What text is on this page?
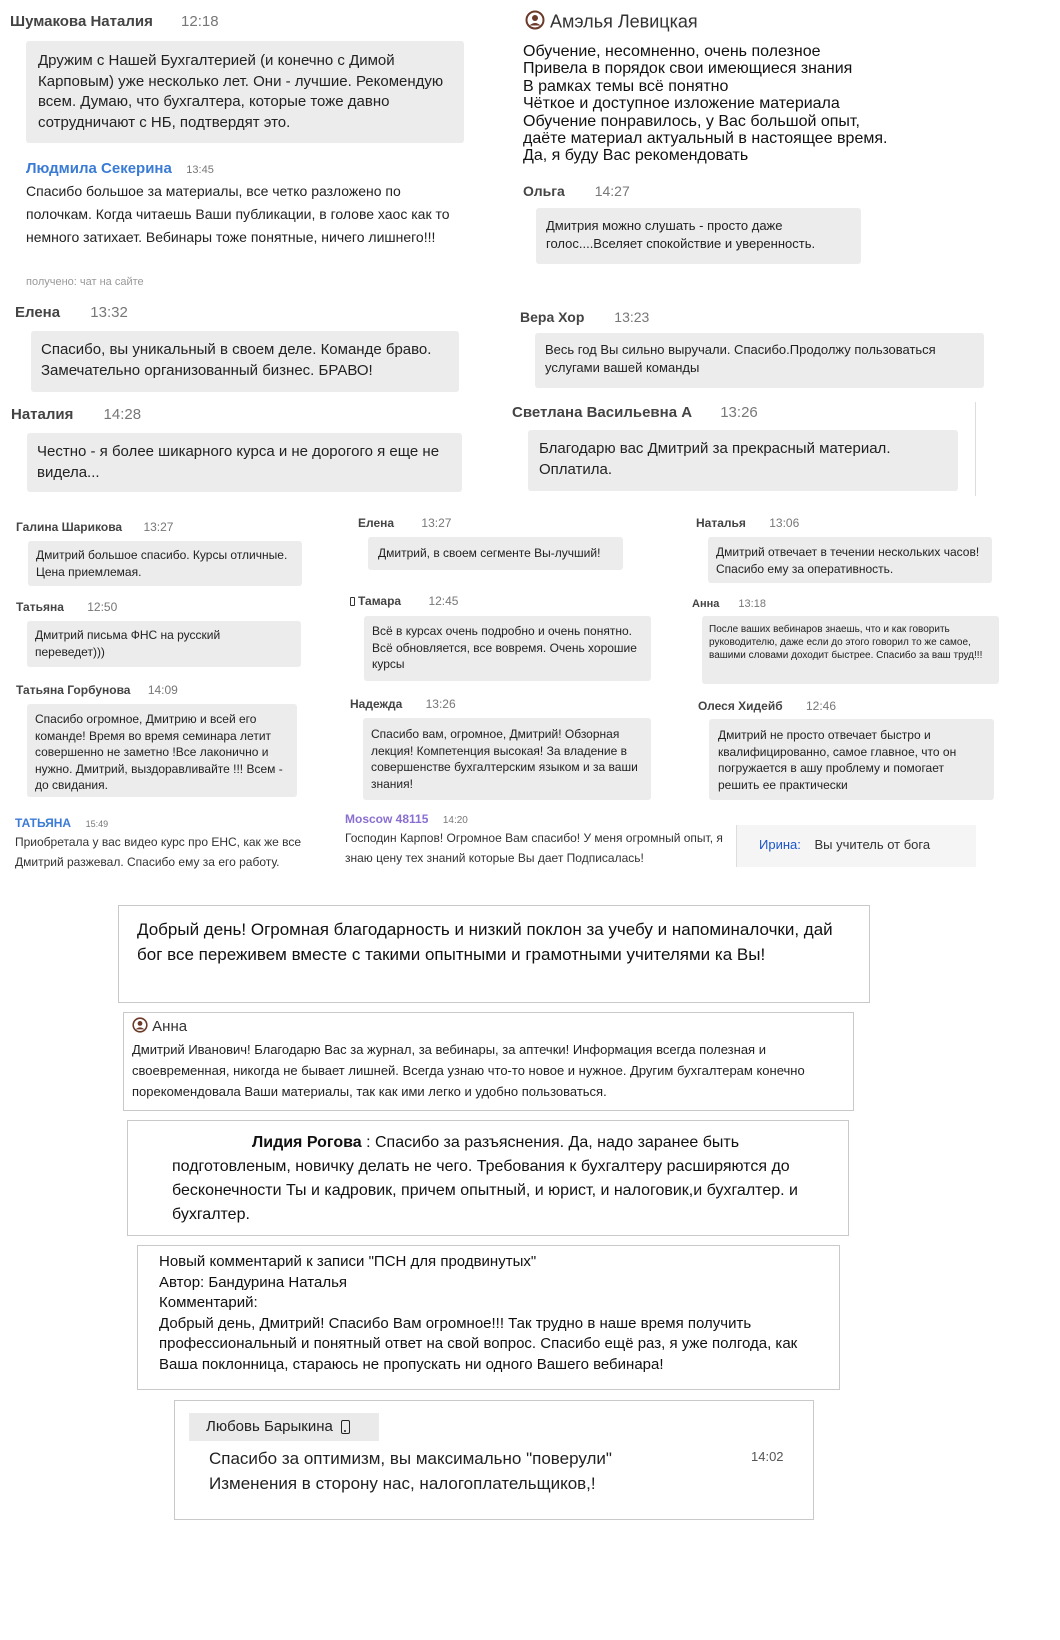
Шумакова Наталия 12:18
Дружим с Нашей Бухгалтерией (и конечно с Димой Карповым) уже несколько лет. Они - лучшие. Рекомендую всем. Думаю, что бухгалтера, которые тоже давно сотрудничают с НБ, подтвердят это.
Амэлья Левицкая
Обучение, несомненно, очень полезное
Привела в порядок свои имеющиеся знания
В рамках темы всё понятно
Чёткое и доступное изложение материала
Обучение понравилось, у Вас большой опыт,
даёте материал актуальный в настоящее время.
Да, я буду Вас рекомендовать
Людмила Секерина 13:45
Спасибо большое за материалы, все четко разложено по полочкам. Когда читаешь Ваши публикации, в голове хаос как то немного затихает. Вебинары тоже понятные, ничего лишнего!!!
получено: чат на сайте
Ольга 14:27
Дмитрия можно слушать - просто даже голос....Вселяет спокойствие и уверенность.
Елена 13:32
Спасибо, вы уникальный в своем деле. Команде браво. Замечательно организованный бизнес. БРАВО!
Вера Хор 13:23
Весь год Вы сильно выручали. Спасибо.Продолжу пользоваться услугами вашей команды
Наталия 14:28
Честно - я более шикарного курса и не дорогого я еще не видела...
Светлана Васильевна А 13:26
Благодарю вас Дмитрий за прекрасный материал. Оплатила.
Галина Шарикова 13:27
Дмитрий большое спасибо. Курсы отличные. Цена приемлемая.
Елена 13:27
Дмитрий, в своем сегменте Вы-лучший!
Наталья 13:06
Дмитрий отвечает в течении нескольких часов! Спасибо ему за оперативность.
Татьяна 12:50
Дмитрий письма ФНС на русский переведет)))
Тамара 12:45
Всё в курсах очень подробно и очень понятно. Всё обновляется, все вовремя. Очень хорошие курсы
Анна 13:18
После ваших вебинаров знаешь, что и как говорить руководителю, даже если до этого говорил то же самое, вашими словами доходит быстрее. Спасибо за ваш труд!!!
Татьяна Горбунова 14:09
Спасибо огромное, Дмитрию и всей его команде! Время во время семинара летит совершенно не заметно !Все лаконично и нужно. Дмитрий, выздоравливайте !!! Всем - до свидания.
Надежда 13:26
Спасибо вам, огромное, Дмитрий! Обзорная лекция! Компетенция высокая! За владение в совершенстве бухгалтерским языком и за ваши знания!
Олеся Хидейб 12:46
Дмитрий не просто отвечает быстро и квалифицированно, самое главное, что он погружается в ашу проблему и помогает решить ее практически
ТАТЬЯНА 15:49
Приобретала у вас видео курс про ЕНС, как же все Дмитрий разжевал. Спасибо ему за его работу.
Moscow 48115 14:20
Господин Карпов! Огромное Вам спасибо! У меня огромный опыт, я знаю цену тех знаний которые Вы дает Подписалась!
Ирина: Вы учитель от бога
Добрый день! Огромная благодарность и низкий поклон за учебу и напоминалочки, дай бог все переживем вместе с такими опытными и грамотными учителями ка Вы!
Анна
Дмитрий Иванович! Благодарю Вас за журнал, за вебинары, за аптечки! Информация всегда полезная и своевременная, никогда не бывает лишней. Всегда узнаю что-то новое и нужное. Другим бухгалтерам конечно порекомендовала Ваши материалы, так как ими легко и удобно пользоваться.
Лидия Рогова : Спасибо за разъяснения. Да, надо заранее быть подготовленым, новичку делать не чего. Требования к бухгалтеру расширяются до бесконечности Ты и кадровик, причем опытный, и юрист, и налоговик,и бухгалтер. и бухгалтер.
Новый комментарий к записи "ПСН для продвинутых"
Автор: Бандурина Наталья
Комментарий:
Добрый день, Дмитрий! Спасибо Вам огромное!!! Так трудно в наше время получить профессиональный и понятный ответ на свой вопрос. Спасибо ещё раз, я уже полгода, как Ваша поклонница, стараюсь не пропускать ни одного Вашего вебинара!
Любовь Барыкина
Спасибо за оптимизм, вы максимально "поверули"
Изменения в сторону нас, налогоплательщиков,!
14:02
